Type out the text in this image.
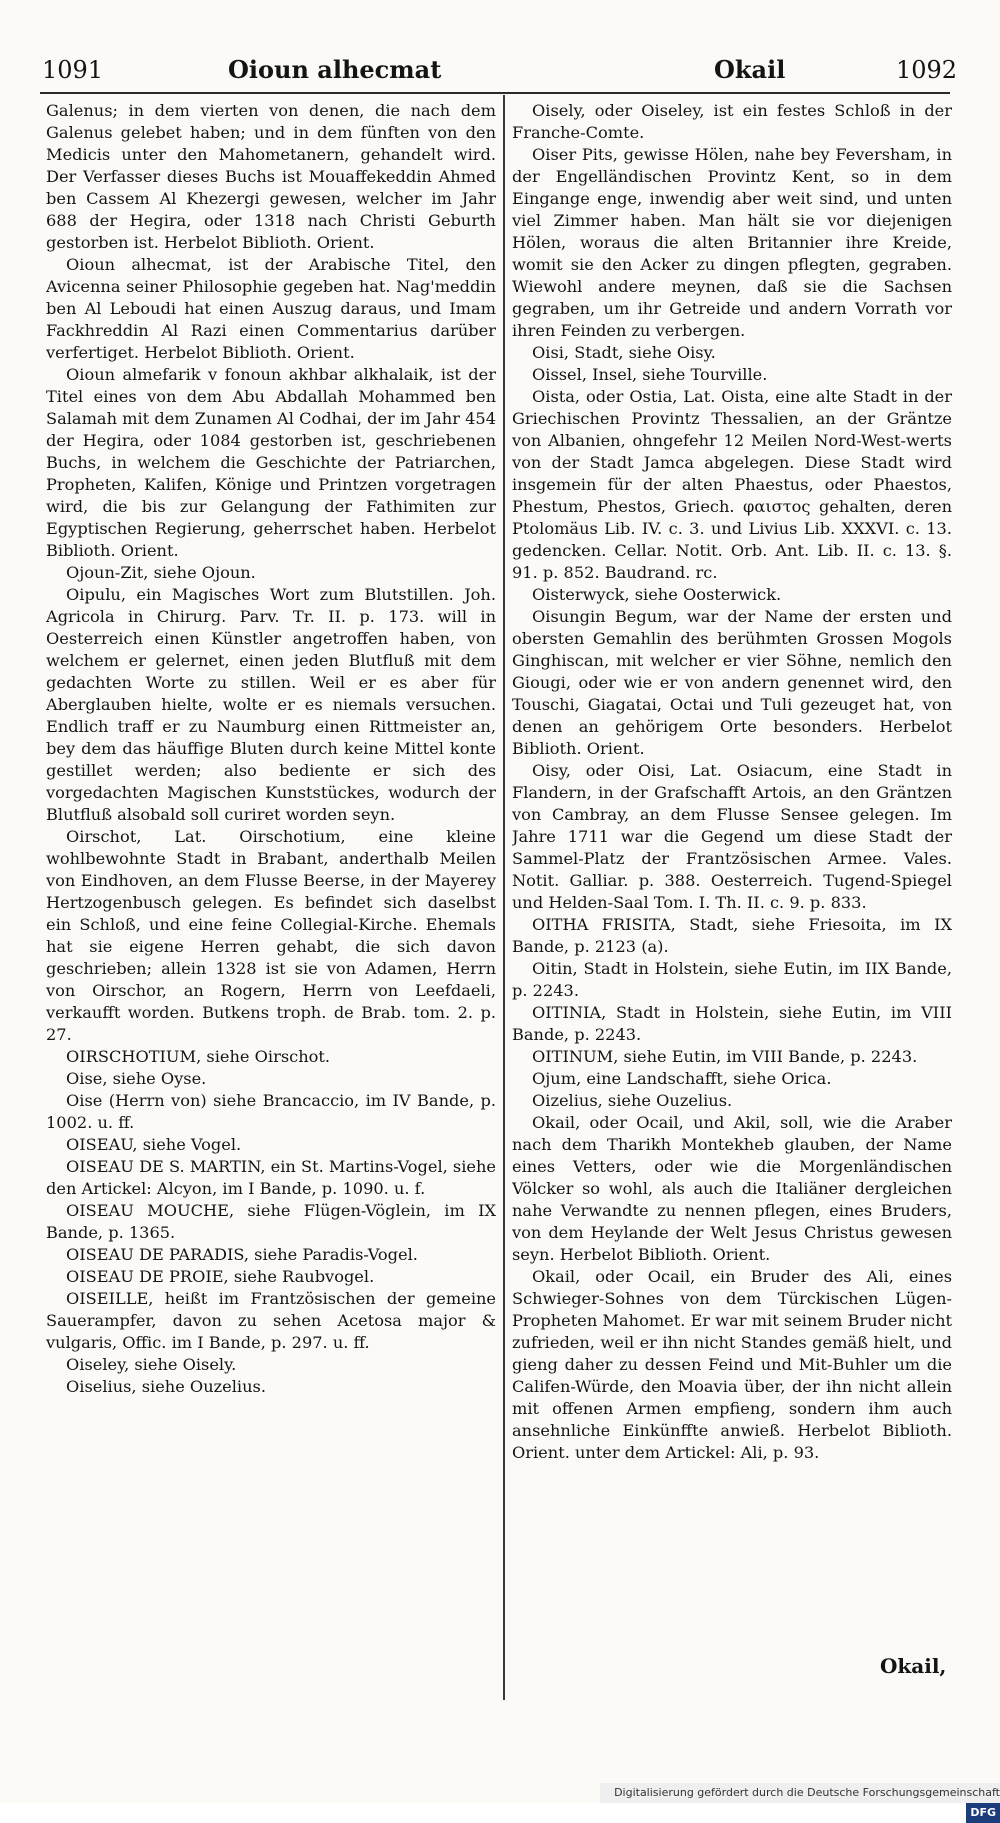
1091	Oioun alhecmat	Okail	1092

Galenus; in dem vierten von denen, die nach dem Galenus gelebet haben; und in dem fünften von den Medicis unter den Mahometanern, gehandelt wird. Der Verfasser dieses Buchs ist Mouaffekeddin Ahmed ben Cassem Al Khezergi gewesen, welcher im Jahr 688 der Hegira, oder 1318 nach Christi Geburth gestorben ist. Herbelot Biblioth. Orient.

Oioun alhecmat, ist der Arabische Titel, den Avicenna seiner Philosophie gegeben hat. Nag'meddin ben Al Leboudi hat einen Auszug daraus, und Imam Fackhreddin Al Razi einen Commentarius darüber verfertiget. Herbelot Biblioth. Orient.

Oioun almefarik v fonoun akhbar alkhalaik, ist der Titel eines von dem Abu Abdallah Mohammed ben Salamah mit dem Zunamen Al Codhai, der im Jahr 454 der Hegira, oder 1084 gestorben ist, geschriebenen Buchs, in welchem die Geschichte der Patriarchen, Propheten, Kalifen, Könige und Printzen vorgetragen wird, die bis zur Gelangung der Fathimiten zur Egyptischen Regierung, geherrschet haben. Herbelot Biblioth. Orient.

Ojoun-Zit, siehe Ojoun.

Oipulu, ein Magisches Wort zum Blutstillen. Joh. Agricola in Chirurg. Parv. Tr. II. p. 173. will in Oesterreich einen Künstler angetroffen haben, von welchem er gelernet, einen jeden Blutfluß mit dem gedachten Worte zu stillen. Weil er es aber für Aberglauben hielte, wolte er es niemals versuchen. Endlich traff er zu Naumburg einen Rittmeister an, bey dem das häuffige Bluten durch keine Mittel konte gestillet werden; also bediente er sich des vorgedachten Magischen Kunststückes, wodurch der Blutfluß alsobald soll curiret worden seyn.

Oirschot, Lat. Oirschotium, eine kleine wohlbewohnte Stadt in Brabant, anderthalb Meilen von Eindhoven, an dem Flusse Beerse, in der Mayerey Hertzogenbusch gelegen. Es befindet sich daselbst ein Schloß, und eine feine Collegial-Kirche. Ehemals hat sie eigene Herren gehabt, die sich davon geschrieben; allein 1328 ist sie von Adamen, Herrn von Oirschor, an Rogern, Herrn von Leefdaeli, verkaufft worden. Butkens troph. de Brab. tom. 2. p. 27.

OIRSCHOTIUM, siehe Oirschot.

Oise, siehe Oyse.

Oise (Herrn von) siehe Brancaccio, im IV Bande, p. 1002. u. ff.

OISEAU, siehe Vogel.

OISEAU DE S. MARTIN, ein St. Martins-Vogel, siehe den Artickel: Alcyon, im I Bande, p. 1090. u. f.

OISEAU MOUCHE, siehe Flügen-Vöglein, im IX Bande, p. 1365.

OISEAU DE PARADIS, siehe Paradis-Vogel.

OISEAU DE PROIE, siehe Raubvogel.

OISEILLE, heißt im Frantzösischen der gemeine Sauerampfer, davon zu sehen Acetosa major & vulgaris, Offic. im I Bande, p. 297. u. ff.

Oiseley, siehe Oisely.

Oiselius, siehe Ouzelius.

Oisely, oder Oiseley, ist ein festes Schloß in der Franche-Comte.

Oiser Pits, gewisse Hölen, nahe bey Feversham, in der Engelländischen Provintz Kent, so in dem Eingange enge, inwendig aber weit sind, und unten viel Zimmer haben. Man hält sie vor diejenigen Hölen, woraus die alten Britannier ihre Kreide, womit sie den Acker zu dingen pflegten, gegraben. Wiewohl andere meynen, daß sie die Sachsen gegraben, um ihr Getreide und andern Vorrath vor ihren Feinden zu verbergen.

Oisi, Stadt, siehe Oisy.

Oissel, Insel, siehe Tourville.

Oista, oder Ostia, Lat. Oista, eine alte Stadt in der Griechischen Provintz Thessalien, an der Gräntze von Albanien, ohngefehr 12 Meilen Nord-West-werts von der Stadt Jamca abgelegen. Diese Stadt wird insgemein für der alten Phaestus, oder Phaestos, Phestum, Phestos, Griech. φαιστος gehalten, deren Ptolomäus Lib. IV. c. 3. und Livius Lib. XXXVI. c. 13. gedencken. Cellar. Notit. Orb. Ant. Lib. II. c. 13. §. 91. p. 852. Baudrand. rc.

Oisterwyck, siehe Oosterwick.

Oisungin Begum, war der Name der ersten und obersten Gemahlin des berühmten Grossen Mogols Ginghiscan, mit welcher er vier Söhne, nemlich den Giougi, oder wie er von andern genennet wird, den Touschi, Giagatai, Octai und Tuli gezeuget hat, von denen an gehörigem Orte besonders. Herbelot Biblioth. Orient.

Oisy, oder Oisi, Lat. Osiacum, eine Stadt in Flandern, in der Grafschafft Artois, an den Gräntzen von Cambray, an dem Flusse Sensee gelegen. Im Jahre 1711 war die Gegend um diese Stadt der Sammel-Platz der Frantzösischen Armee. Vales. Notit. Galliar. p. 388. Oesterreich. Tugend-Spiegel und Helden-Saal Tom. I. Th. II. c. 9. p. 833.

OITHA FRISITA, Stadt, siehe Friesoita, im IX Bande, p. 2123 (a).

Oitin, Stadt in Holstein, siehe Eutin, im IIX Bande, p. 2243.

OITINIA, Stadt in Holstein, siehe Eutin, im VIII Bande, p. 2243.

OITINUM, siehe Eutin, im VIII Bande, p. 2243.

Ojum, eine Landschafft, siehe Orica.

Oizelius, siehe Ouzelius.

Okail, oder Ocail, und Akil, soll, wie die Araber nach dem Tharikh Montekheb glauben, der Name eines Vetters, oder wie die Morgenländischen Völcker so wohl, als auch die Italiäner dergleichen nahe Verwandte zu nennen pflegen, eines Bruders, von dem Heylande der Welt Jesus Christus gewesen seyn. Herbelot Biblioth. Orient.

Okail, oder Ocail, ein Bruder des Ali, eines Schwieger-Sohnes von dem Türckischen Lügen-Propheten Mahomet. Er war mit seinem Bruder nicht zufrieden, weil er ihn nicht Standes gemäß hielt, und gieng daher zu dessen Feind und Mit-Buhler um die Califen-Würde, den Moavia über, der ihn nicht allein mit offenen Armen empfieng, sondern ihm auch ansehnliche Einkünffte anwieß. Herbelot Biblioth. Orient. unter dem Artickel: Ali, p. 93.

Okail,
Digitalisierung gefördert durch die Deutsche ForschungsgemeinschaftDFG
